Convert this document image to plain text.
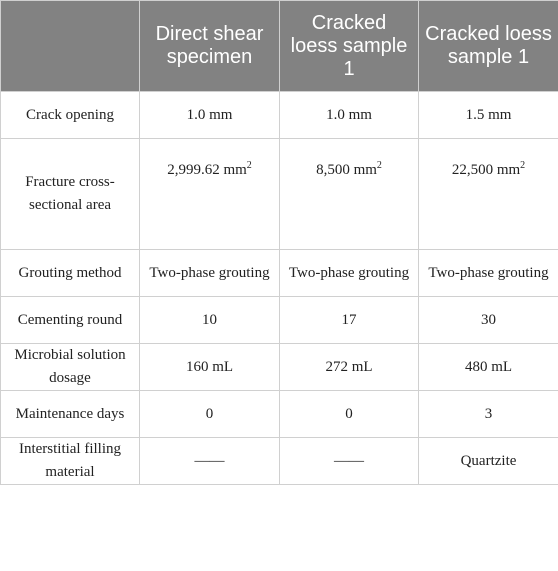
	Direct shear specimen	Cracked loess sample 1	Cracked loess sample 1
Crack opening	1.0 mm	1.0 mm	1.5 mm
Fracture cross-sectional area	2,999.62 $mm^2$	8,500 $mm^2$	22,500 $mm^2$
Grouting method	Two-phase grouting	Two-phase grouting	Two-phase grouting
Cementing round	10	17	30
Microbial solution dosage	160 mL	272 mL	480 mL
Maintenance days	0	0	3
Interstitial filling material	——	——	Quartzite
